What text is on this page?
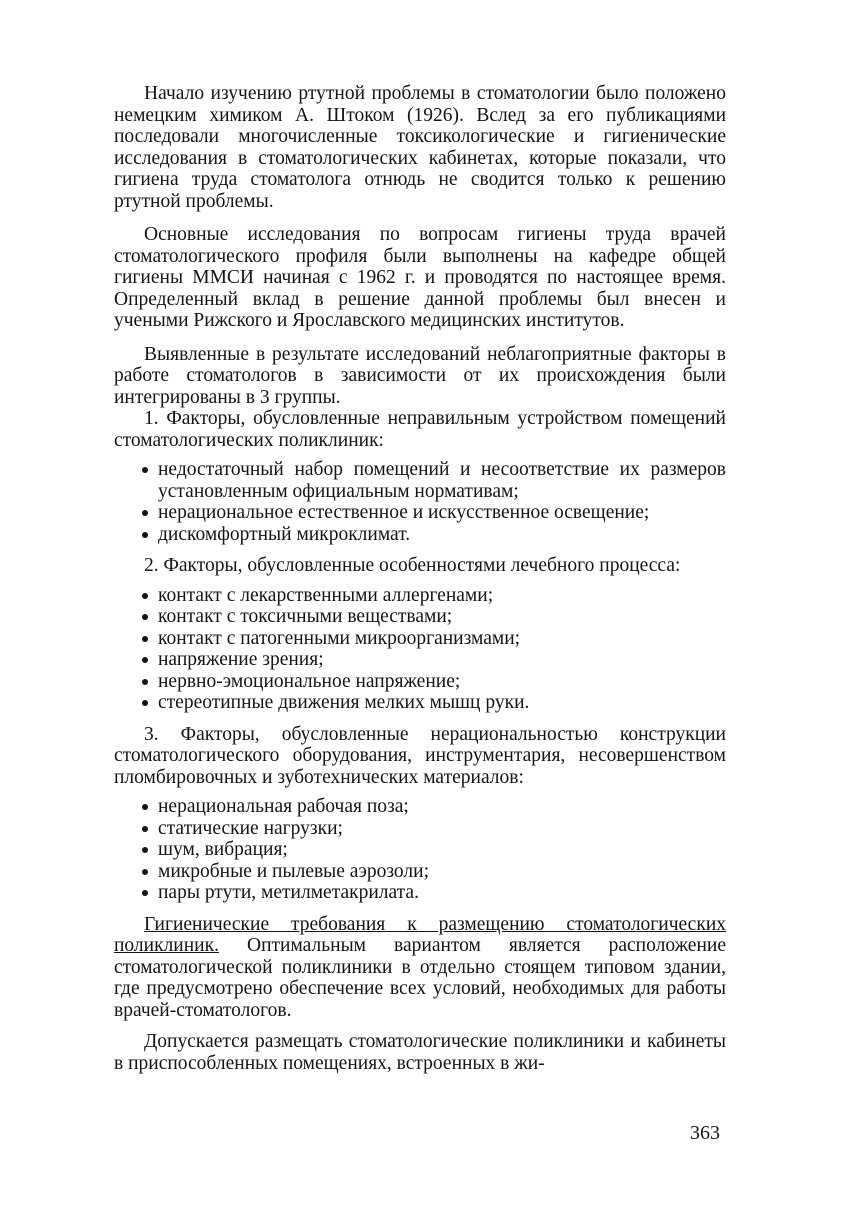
Начало изучению ртутной проблемы в стоматологии было положено немецким химиком А. Штоком (1926). Вслед за его публикациями последовали многочисленные токсикологические и гигиенические исследования в стоматологических кабинетах, которые показали, что гигиена труда стоматолога отнюдь не сводится только к решению ртутной проблемы.

Основные исследования по вопросам гигиены труда врачей стоматологического профиля были выполнены на кафедре общей гигиены ММСИ начиная с 1962 г. и проводятся по настоящее время. Определенный вклад в решение данной проблемы был внесен и учеными Рижского и Ярославского медицинских институтов.

Выявленные в результате исследований неблагоприятные факторы в работе стоматологов в зависимости от их происхождения были интегрированы в 3 группы.

1. Факторы, обусловленные неправильным устройством помещений стоматологических поликлиник:

недостаточный набор помещений и несоответствие их размеров установленным официальным нормативам;
нерациональное естественное и искусственное освещение;
дискомфортный микроклимат.

2. Факторы, обусловленные особенностями лечебного процесса:

контакт с лекарственными аллергенами;
контакт с токсичными веществами;
контакт с патогенными микроорганизмами;
напряжение зрения;
нервно-эмоциональное напряжение;
стереотипные движения мелких мышц руки.

3. Факторы, обусловленные нерациональностью конструкции стоматологического оборудования, инструментария, несовершенством пломбировочных и зуботехнических материалов:

нерациональная рабочая поза;
статические нагрузки;
шум, вибрация;
микробные и пылевые аэрозоли;
пары ртути, метилметакрилата.

Гигиенические требования к размещению стоматологических поликлиник. Оптимальным вариантом является расположение стоматологической поликлиники в отдельно стоящем типовом здании, где предусмотрено обеспечение всех условий, необходимых для работы врачей-стоматологов.

Допускается размещать стоматологические поликлиники и кабинеты в приспособленных помещениях, встроенных в жи-

363
